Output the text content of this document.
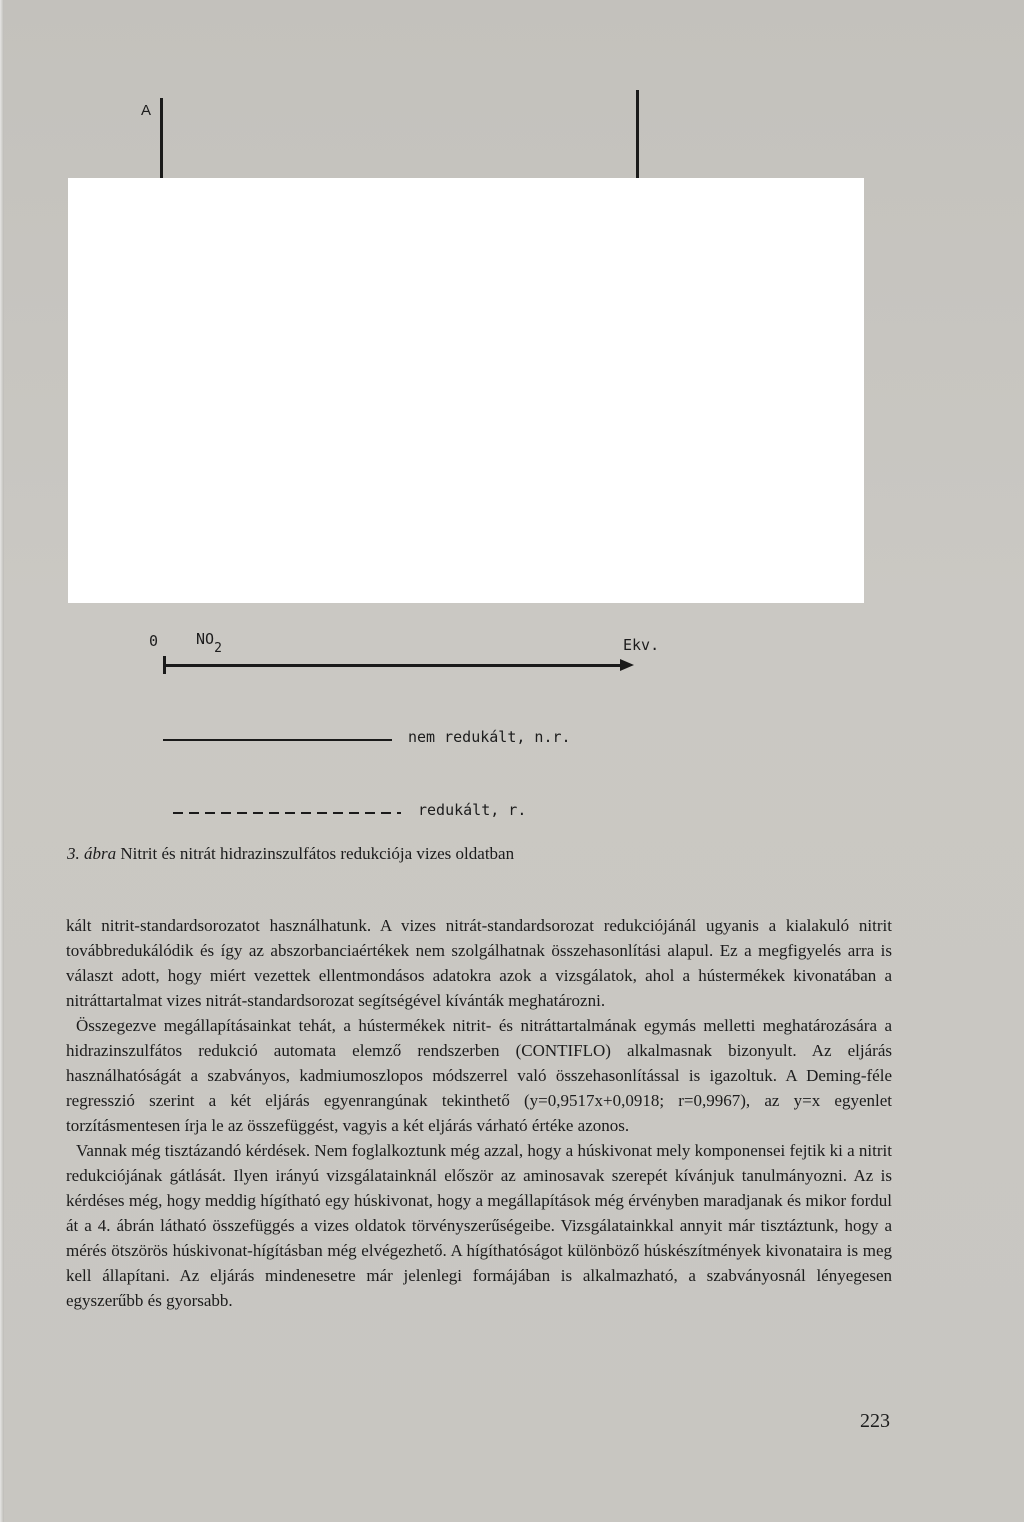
A
0	NO2	Ekv.
nem redukált, n.r.
redukált, r.
3. ábra Nitrit és nitrát hidrazinszulfátos redukciója vizes oldatban

kált nitrit-standardsorozatot használhatunk. A vizes nitrát-standardsorozat redukciójánál ugyanis a kialakuló nitrit továbbredukálódik és így az abszorbanciaértékek nem szolgálhatnak összehasonlítási alapul. Ez a megfigyelés arra is választ adott, hogy miért vezettek ellentmondásos adatokra azok a vizsgálatok, ahol a hústermékek kivonatában a nitráttartalmat vizes nitrát-standardsorozat segítségével kívánták meghatározni.

Összegezve megállapításainkat tehát, a hústermékek nitrit- és nitráttartalmának egymás melletti meghatározására a hidrazinszulfátos redukció automata elemző rendszerben (CONTIFLO) alkalmasnak bizonyult. Az eljárás használhatóságát a szabványos, kadmiumoszlopos módszerrel való összehasonlítással is igazoltuk. A Deming-féle regresszió szerint a két eljárás egyenrangúnak tekinthető (y=0,9517x+0,0918; r=0,9967), az y=x egyenlet torzításmentesen írja le az összefüggést, vagyis a két eljárás várható értéke azonos.

Vannak még tisztázandó kérdések. Nem foglalkoztunk még azzal, hogy a húskivonat mely komponensei fejtik ki a nitrit redukciójának gátlását. Ilyen irányú vizsgálatainknál először az aminosavak szerepét kívánjuk tanulmányozni. Az is kérdéses még, hogy meddig hígítható egy húskivonat, hogy a megállapítások még érvényben maradjanak és mikor fordul át a 4. ábrán látható összefüggés a vizes oldatok törvényszerűségeibe. Vizsgálatainkkal annyit már tisztáztunk, hogy a mérés ötszörös húskivonat-hígításban még elvégezhető. A hígíthatóságot különböző húskészítmények kivonataira is meg kell állapítani. Az eljárás mindenesetre már jelenlegi formájában is alkalmazható, a szabványosnál lényegesen egyszerűbb és gyorsabb.

223
